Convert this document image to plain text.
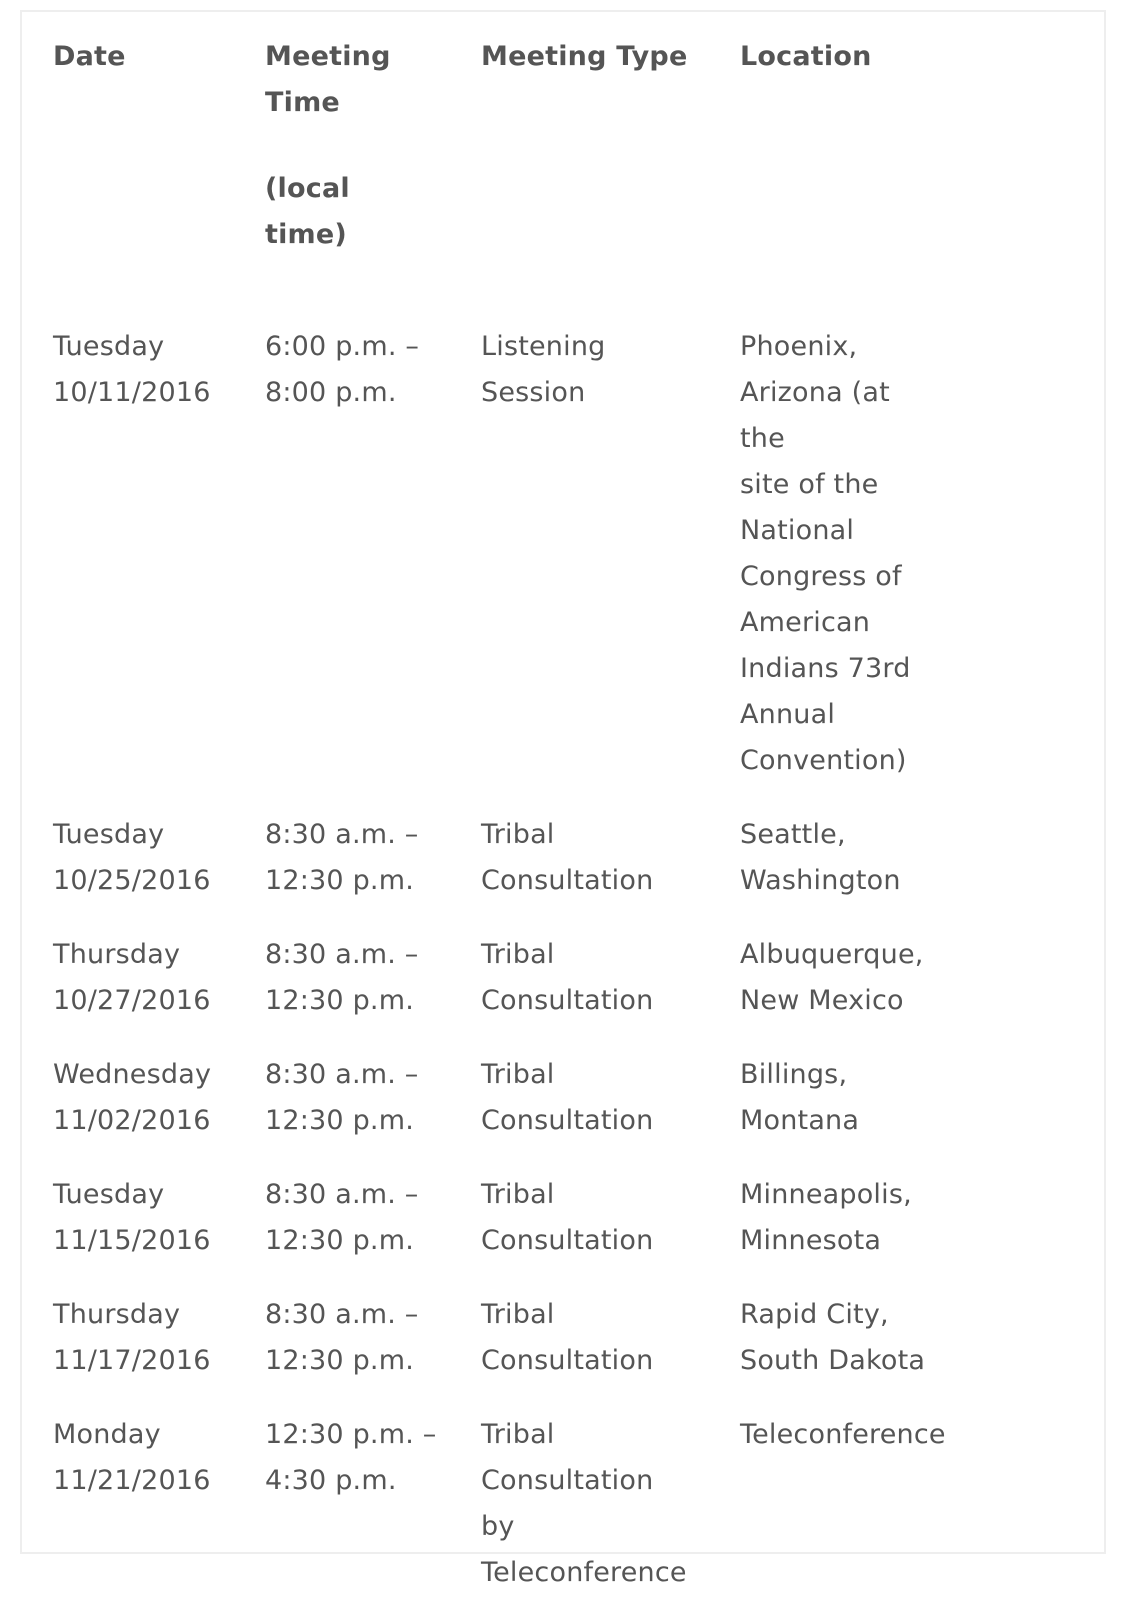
Date	Meeting
Time
(local
time)
Meeting Type	Location
Tuesday
10/11/2016
6:00 p.m. –
8:00 p.m.
Listening
Session
Phoenix,
Arizona (at the
site of the
National
Congress of
American
Indians 73rd
Annual
Convention)
Tuesday
10/25/2016
8:30 a.m. –
12:30 p.m.
Tribal
Consultation
Seattle,
Washington
Thursday
10/27/2016
8:30 a.m. –
12:30 p.m.
Tribal
Consultation
Albuquerque,
New Mexico
Wednesday
11/02/2016
8:30 a.m. –
12:30 p.m.
Tribal
Consultation
Billings,
Montana
Tuesday
11/15/2016
8:30 a.m. –
12:30 p.m.
Tribal
Consultation
Minneapolis,
Minnesota
Thursday
11/17/2016
8:30 a.m. –
12:30 p.m.
Tribal
Consultation
Rapid City,
South Dakota
Monday
11/21/2016
12:30 p.m. –
4:30 p.m.
Tribal
Consultation
by
Teleconference
Teleconference
